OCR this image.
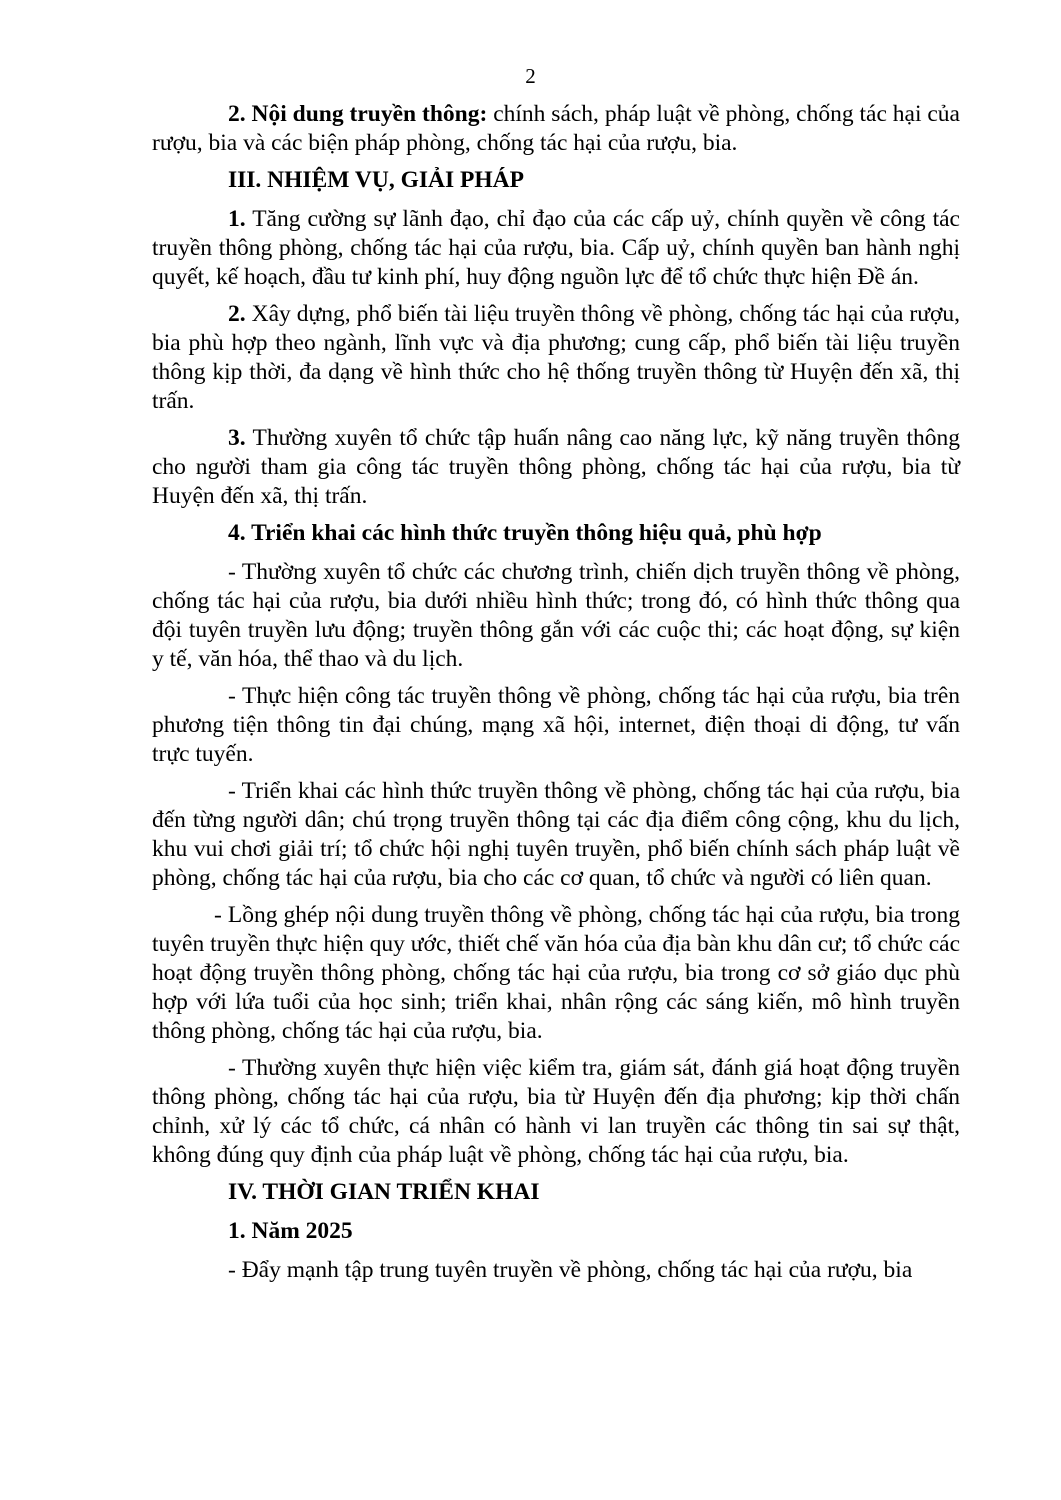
2

2. Nội dung truyền thông: chính sách, pháp luật về phòng, chống tác hại của rượu, bia và các biện pháp phòng, chống tác hại của rượu, bia.

III. NHIỆM VỤ, GIẢI PHÁP

1. Tăng cường sự lãnh đạo, chỉ đạo của các cấp uỷ, chính quyền về công tác truyền thông phòng, chống tác hại của rượu, bia. Cấp uỷ, chính quyền ban hành nghị quyết, kế hoạch, đầu tư kinh phí, huy động nguồn lực để tổ chức thực hiện Đề án.

2. Xây dựng, phổ biến tài liệu truyền thông về phòng, chống tác hại của rượu, bia phù hợp theo ngành, lĩnh vực và địa phương; cung cấp, phổ biến tài liệu truyền thông kịp thời, đa dạng về hình thức cho hệ thống truyền thông từ Huyện đến xã, thị trấn.

3. Thường xuyên tổ chức tập huấn nâng cao năng lực, kỹ năng truyền thông cho người tham gia công tác truyền thông phòng, chống tác hại của rượu, bia từ Huyện đến xã, thị trấn.

4. Triển khai các hình thức truyền thông hiệu quả, phù hợp

- Thường xuyên tổ chức các chương trình, chiến dịch truyền thông về phòng, chống tác hại của rượu, bia dưới nhiều hình thức; trong đó, có hình thức thông qua đội tuyên truyền lưu động; truyền thông gắn với các cuộc thi; các hoạt động, sự kiện y tế, văn hóa, thể thao và du lịch.

- Thực hiện công tác truyền thông về phòng, chống tác hại của rượu, bia trên phương tiện thông tin đại chúng, mạng xã hội, internet, điện thoại di động, tư vấn trực tuyến.

- Triển khai các hình thức truyền thông về phòng, chống tác hại của rượu, bia đến từng người dân; chú trọng truyền thông tại các địa điểm công cộng, khu du lịch, khu vui chơi giải trí; tổ chức hội nghị tuyên truyền, phổ biến chính sách pháp luật về phòng, chống tác hại của rượu, bia cho các cơ quan, tổ chức và người có liên quan.

- Lồng ghép nội dung truyền thông về phòng, chống tác hại của rượu, bia trong tuyên truyền thực hiện quy ước, thiết chế văn hóa của địa bàn khu dân cư; tổ chức các hoạt động truyền thông phòng, chống tác hại của rượu, bia trong cơ sở giáo dục phù hợp với lứa tuổi của học sinh; triển khai, nhân rộng các sáng kiến, mô hình truyền thông phòng, chống tác hại của rượu, bia.

- Thường xuyên thực hiện việc kiểm tra, giám sát, đánh giá hoạt động truyền thông phòng, chống tác hại của rượu, bia từ Huyện đến địa phương; kịp thời chấn chỉnh, xử lý các tổ chức, cá nhân có hành vi lan truyền các thông tin sai sự thật, không đúng quy định của pháp luật về phòng, chống tác hại của rượu, bia.

IV. THỜI GIAN TRIỂN KHAI

1. Năm 2025

- Đẩy mạnh tập trung tuyên truyền về phòng, chống tác hại của rượu, bia
